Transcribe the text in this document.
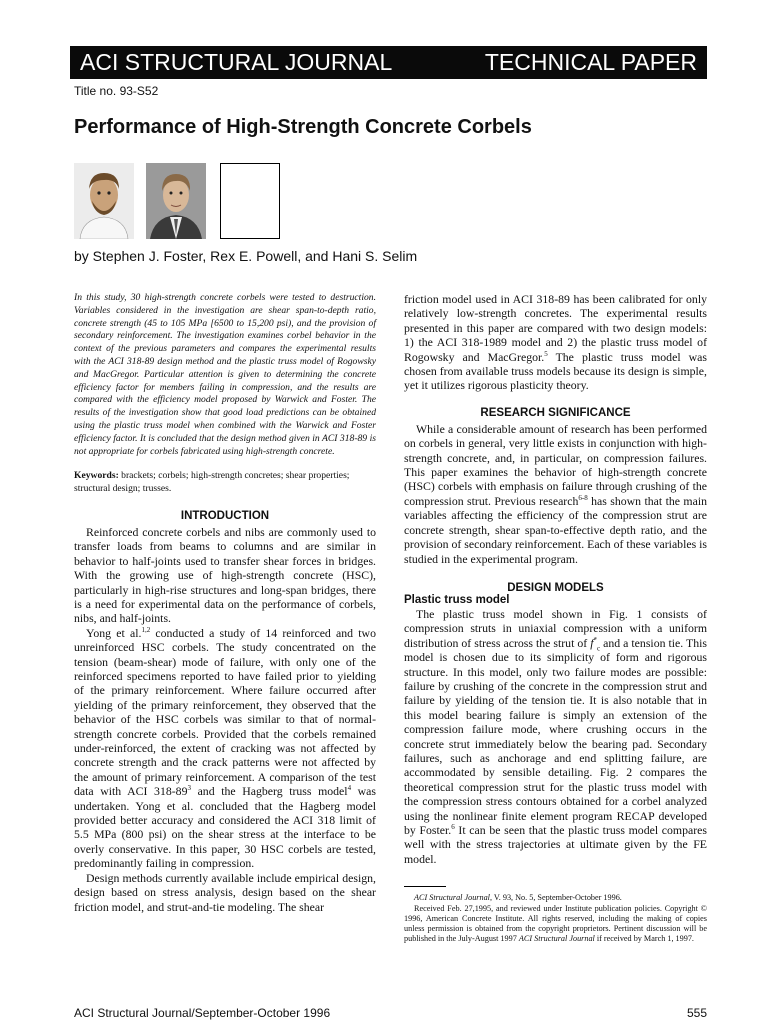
ACI STRUCTURAL JOURNAL	TECHNICAL PAPER
Title no. 93-S52
Performance of High-Strength Concrete Corbels
by Stephen J. Foster, Rex E. Powell, and Hani S. Selim

In this study, 30 high-strength concrete corbels were tested to destruction. Variables considered in the investigation are shear span-to-depth ratio, concrete strength (45 to 105 MPa [6500 to 15,200 psi), and the provision of secondary reinforcement. The investigation examines corbel behavior in the context of the previous parameters and compares the experimental results with the ACI 318-89 design method and the plastic truss model of Rogowsky and MacGregor. Particular attention is given to determining the concrete efficiency factor for members failing in compression, and the results are compared with the efficiency model proposed by Warwick and Foster. The results of the investigation show that good load predictions can be obtained using the plastic truss model when combined with the Warwick and Foster efficiency factor. It is concluded that the design method given in ACI 318-89 is not appropriate for corbels fabricated using high-strength concrete.

Keywords: brackets; corbels; high-strength concretes; shear properties; structural design; trusses.

INTRODUCTION

Reinforced concrete corbels and nibs are commonly used to transfer loads from beams to columns and are similar in behavior to half-joints used to transfer shear forces in bridges. With the growing use of high-strength concrete (HSC), particularly in high-rise structures and long-span bridges, there is a need for experimental data on the performance of corbels, nibs, and half-joints.

Yong et al.$^{1,2}$ conducted a study of 14 reinforced and two unreinforced HSC corbels. The study concentrated on the tension (beam-shear) mode of failure, with only one of the reinforced specimens reported to have failed prior to yielding of the primary reinforcement. Where failure occurred after yielding of the primary reinforcement, they observed that the behavior of the HSC corbels was similar to that of normal-strength concrete corbels. Provided that the corbels remained under-reinforced, the extent of cracking was not affected by concrete strength and the crack patterns were not affected by the amount of primary reinforcement. A comparison of the test data with ACI $318-89^3$ and the Hagberg truss model$^4$ was undertaken. Yong et al. concluded that the Hagberg model provided better accuracy and considered the ACI 318 limit of 5.5 MPa (800 psi) on the shear stress at the interface to be overly conservative. In this paper, 30 HSC corbels are tested, predominantly failing in compression.

Design methods currently available include empirical design, design based on stress analysis, design based on the shear friction model, and strut-and-tie modeling. The shear

friction model used in ACI 318-89 has been calibrated for only relatively low-strength concretes. The experimental results presented in this paper are compared with two design models: 1) the ACI 318-1989 model and 2) the plastic truss model of Rogowsky and MacGregor.$^5$ The plastic truss model was chosen from available truss models because its design is simple, yet it utilizes rigorous plasticity theory.

RESEARCH SIGNIFICANCE

While a considerable amount of research has been performed on corbels in general, very little exists in conjunction with high-strength concrete, and, in particular, on compression failures. This paper examines the behavior of high-strength concrete (HSC) corbels with emphasis on failure through crushing of the compression strut. Previous research$^{6-8}$ has shown that the main variables affecting the efficiency of the compression strut are concrete strength, shear span-to-effective depth ratio, and the provision of secondary reinforcement. Each of these variables is studied in the experimental program.

DESIGN MODELS
Plastic truss model

The plastic truss model shown in Fig. 1 consists of compression struts in uniaxial compression with a uniform distribution of stress across the strut of $f^*_c$ and a tension tie. This model is chosen due to its simplicity of form and rigorous structure. In this model, only two failure modes are possible: failure by crushing of the concrete in the compression strut and failure by yielding of the tension tie. It is also notable that in this model bearing failure is simply an extension of the compression failure mode, where crushing occurs in the concrete strut immediately below the bearing pad. Secondary failures, such as anchorage and end splitting failure, are accommodated by sensible detailing. Fig. 2 compares the theoretical compression strut for the plastic truss model with the compression stress contours obtained for a corbel analyzed using the nonlinear finite element program RECAP developed by Foster.$^6$ It can be seen that the plastic truss model compares well with the stress trajectories at ultimate given by the FE model.

ACI Structural Journal, V. 93, No. 5, September-October 1996.

Received Feb. 27,1995, and reviewed under Institute publication policies. Copyright © 1996, American Concrete Institute. All rights reserved, including the making of copies unless permission is obtained from the copyright proprietors. Pertinent discussion will be published in the July-August 1997 ACI Structural Journal if received by March 1, 1997.

ACI Structural Journal/September-October 1996	555
